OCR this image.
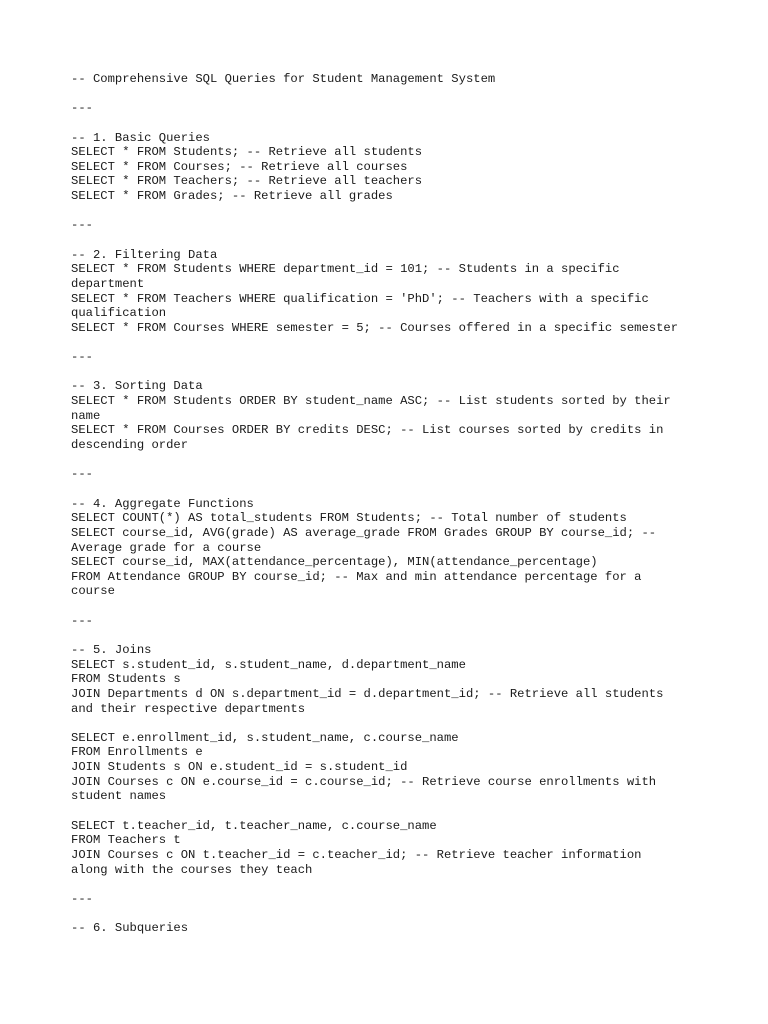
-- Comprehensive SQL Queries for Student Management System
---
-- 1. Basic Queries
SELECT * FROM Students; -- Retrieve all students
SELECT * FROM Courses; -- Retrieve all courses
SELECT * FROM Teachers; -- Retrieve all teachers
SELECT * FROM Grades; -- Retrieve all grades
---
-- 2. Filtering Data
SELECT * FROM Students WHERE department_id = 101; -- Students in a specific
department
SELECT * FROM Teachers WHERE qualification = 'PhD'; -- Teachers with a specific
qualification
SELECT * FROM Courses WHERE semester = 5; -- Courses offered in a specific semester
---
-- 3. Sorting Data
SELECT * FROM Students ORDER BY student_name ASC; -- List students sorted by their
name
SELECT * FROM Courses ORDER BY credits DESC; -- List courses sorted by credits in
descending order
---
-- 4. Aggregate Functions
SELECT COUNT(*) AS total_students FROM Students; -- Total number of students
SELECT course_id, AVG(grade) AS average_grade FROM Grades GROUP BY course_id; --
Average grade for a course
SELECT course_id, MAX(attendance_percentage), MIN(attendance_percentage)
FROM Attendance GROUP BY course_id; -- Max and min attendance percentage for a
course
---
-- 5. Joins
SELECT s.student_id, s.student_name, d.department_name
FROM Students s
JOIN Departments d ON s.department_id = d.department_id; -- Retrieve all students
and their respective departments
SELECT e.enrollment_id, s.student_name, c.course_name
FROM Enrollments e
JOIN Students s ON e.student_id = s.student_id
JOIN Courses c ON e.course_id = c.course_id; -- Retrieve course enrollments with
student names
SELECT t.teacher_id, t.teacher_name, c.course_name
FROM Teachers t
JOIN Courses c ON t.teacher_id = c.teacher_id; -- Retrieve teacher information
along with the courses they teach
---
-- 6. Subqueries
